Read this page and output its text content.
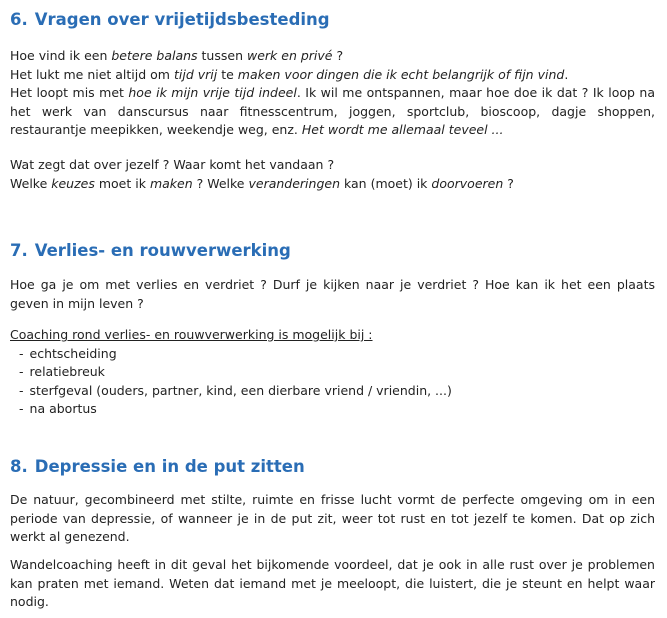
6. Vragen over vrijetijdsbesteding

Hoe vind ik een betere balans tussen werk en privé ?

Het lukt me niet altijd om tijd vrij te maken voor dingen die ik echt belangrijk of fijn vind.

Het loopt mis met hoe ik mijn vrije tijd indeel. Ik wil me ontspannen, maar hoe doe ik dat ? Ik loop na het werk van danscursus naar fitnesscentrum, joggen, sportclub, bioscoop, dagje shoppen, restaurantje meepikken, weekendje weg, enz. Het wordt me allemaal teveel ...

Wat zegt dat over jezelf ? Waar komt het vandaan ?

Welke keuzes moet ik maken ? Welke veranderingen kan (moet) ik doorvoeren ?

7. Verlies- en rouwverwerking

Hoe ga je om met verlies en verdriet ? Durf je kijken naar je verdriet ? Hoe kan ik het een plaats geven in mijn leven ?

Coaching rond verlies- en rouwverwerking is mogelijk bij :

- echtscheiding
- relatiebreuk
- sterfgeval (ouders, partner, kind, een dierbare vriend / vriendin, ...)
- na abortus
8. Depressie en in de put zitten

De natuur, gecombineerd met stilte, ruimte en frisse lucht vormt de perfecte omgeving om in een periode van depressie, of wanneer je in de put zit, weer tot rust en tot jezelf te komen. Dat op zich werkt al genezend.

Wandelcoaching heeft in dit geval het bijkomende voordeel, dat je ook in alle rust over je problemen kan praten met iemand. Weten dat iemand met je meeloopt, die luistert, die je steunt en helpt waar nodig.
